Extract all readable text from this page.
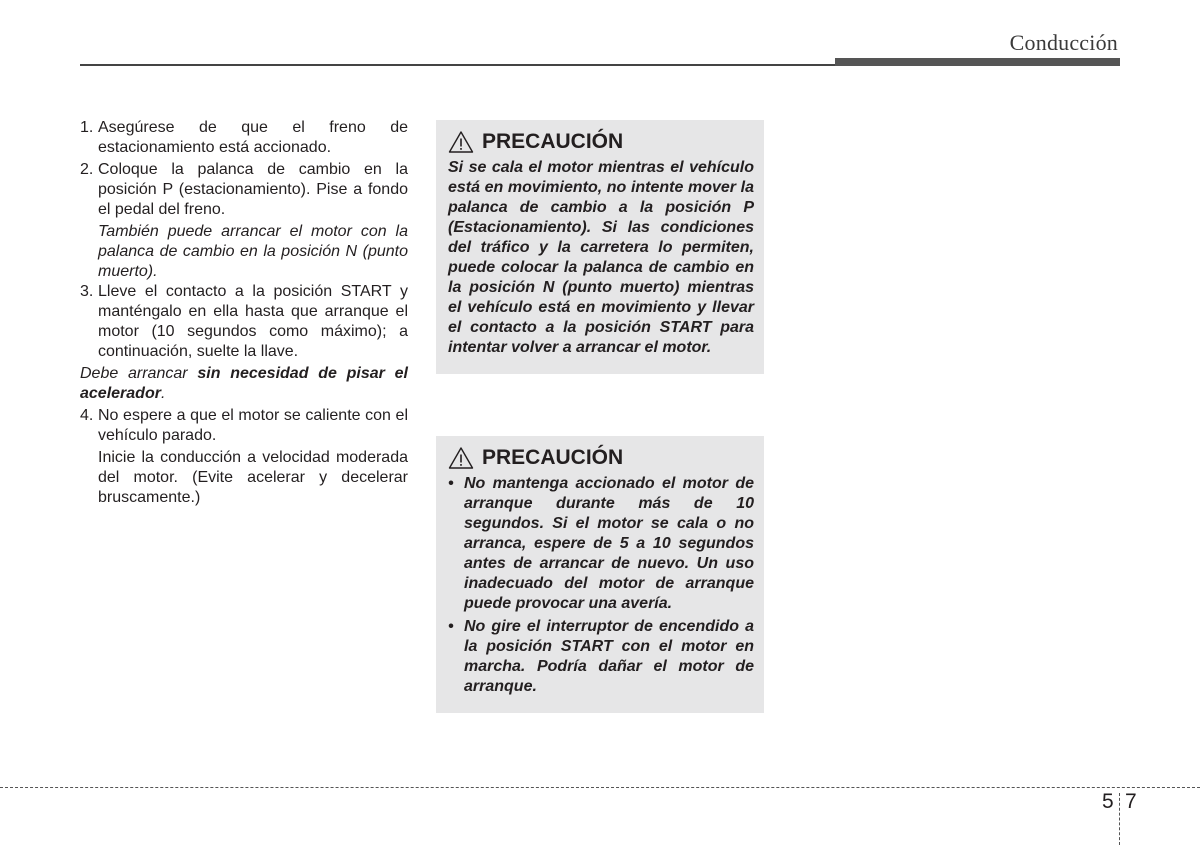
Conducción
1. Asegúrese de que el freno de estacionamiento está accionado.
2. Coloque la palanca de cambio en la posición P (estacionamiento). Pise a fondo el pedal del freno.
También puede arrancar el motor con la palanca de cambio en la posición N (punto muerto).
3. Lleve el contacto a la posición START y manténgalo en ella hasta que arranque el motor (10 segundos como máximo); a continuación, suelte la llave.
Debe arrancar sin necesidad de pisar el acelerador.
4. No espere a que el motor se caliente con el vehículo parado.
Inicie la conducción a velocidad moderada del motor. (Evite acelerar y decelerar bruscamente.)
PRECAUCIÓN
Si se cala el motor mientras el vehículo está en movimiento, no intente mover la palanca de cambio a la posición P (Estacionamiento). Si las condiciones del tráfico y la carretera lo permiten, puede colocar la palanca de cambio en la posición N (punto muerto) mientras el vehículo está en movimiento y llevar el contacto a la posición START para intentar volver a arrancar el motor.
PRECAUCIÓN
• No mantenga accionado el motor de arranque durante más de 10 segundos. Si el motor se cala o no arranca, espere de 5 a 10 segundos antes de arrancar de nuevo. Un uso inadecuado del motor de arranque puede provocar una avería.
• No gire el interruptor de encendido a la posición START con el motor en marcha. Podría dañar el motor de arranque.
5 7
